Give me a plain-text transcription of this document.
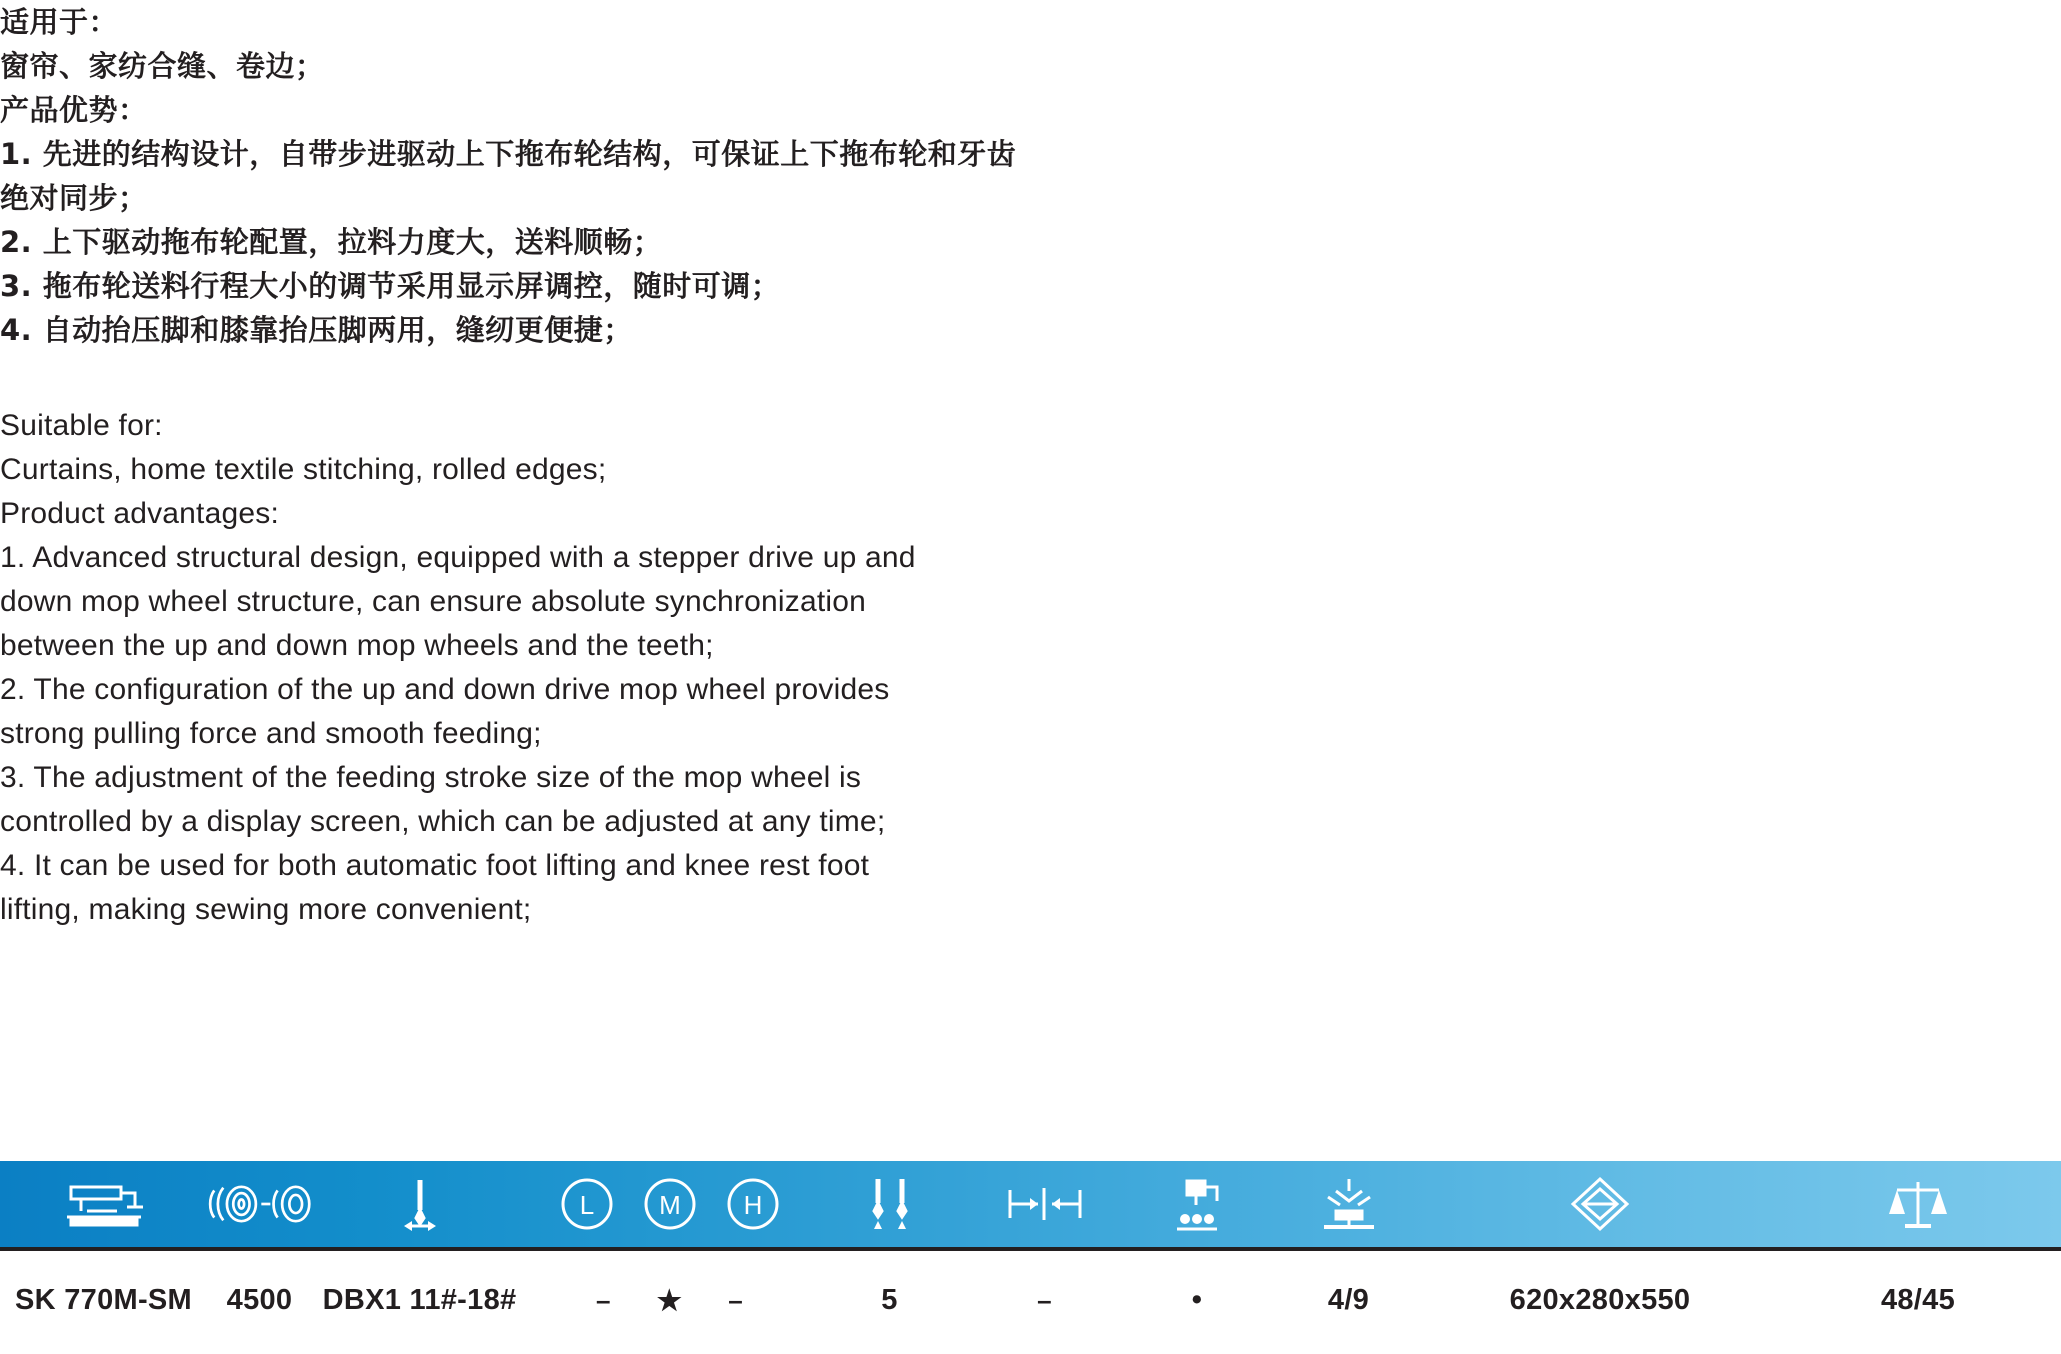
适用于：
窗帘、家纺合缝、卷边；
产品优势：
1. 先进的结构设计，自带步进驱动上下拖布轮结构，可保证上下拖布轮和牙齿
绝对同步；
2. 上下驱动拖布轮配置，拉料力度大，送料顺畅；
3. 拖布轮送料行程大小的调节采用显示屏调控，随时可调；
4. 自动抬压脚和膝靠抬压脚两用，缝纫更便捷；
Suitable for:
Curtains, home textile stitching, rolled edges;
Product advantages:
1. Advanced structural design, equipped with a stepper drive up and
down mop wheel structure, can ensure absolute synchronization
between the up and down mop wheels and the teeth;
2. The configuration of the up and down drive mop wheel provides
strong pulling force and smooth feeding;
3. The adjustment of the feeding stroke size of the mop wheel is
controlled by a display screen, which can be adjusted at any time;
4. It can be used for both automatic foot lifting and knee rest foot
lifting, making sewing more convenient;
L M H
SK 770M-SM 4500 DBX1 11#-18#	– ★ –	5	–	•	4/9	620x280x550	48/45
